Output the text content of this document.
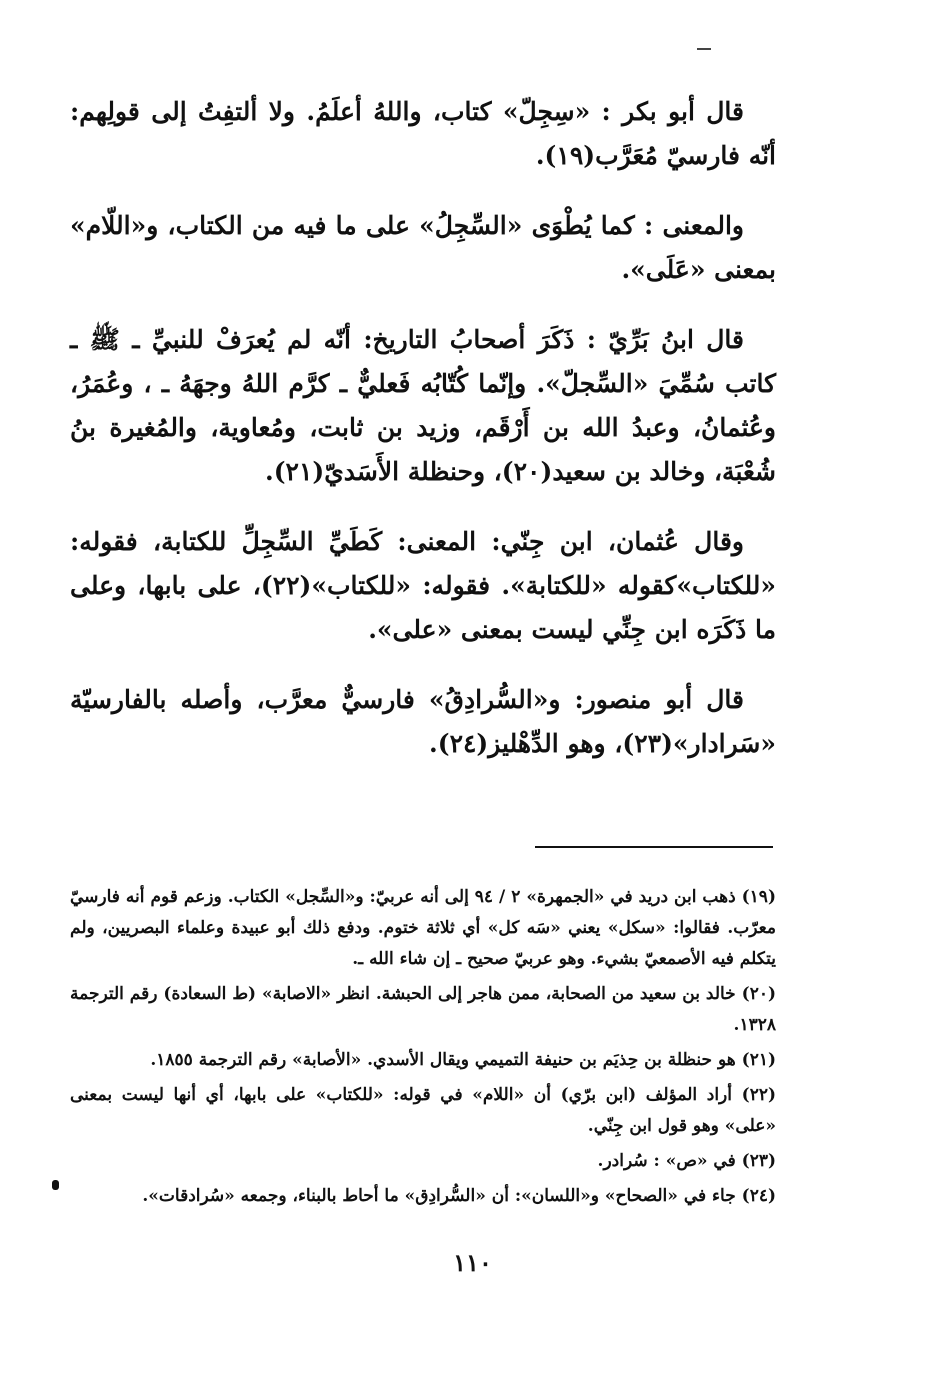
قال أبو بكر : «سِجِلّ» كتاب، واللهُ أعلَمُ. ولا ألتفِتُ إلى قولِهم: أنّه فارسيّ مُعَرَّب(١٩).

والمعنى : كما يُطْوَى «السِّجِلُ» على ما فيه من الكتاب، و«اللّام» بمعنى «عَلَى».

قال ابنُ بَرِّيّ : ذَكَرَ أصحابُ التاريخ: أنّه لم يُعرَفْ للنبيِّ ـ ﷺ ـ كاتب سُمِّيَ «السِّجلّ». وإنّما كُتّابُه فَعليٌّ ـ كرَّم اللهُ وجهَهُ ـ ، وعُمَرُ، وعُثمانُ، وعبدُ الله بن أَرْقَم، وزيد بن ثابت، ومُعاوية، والمُغيرة بنُ شُعْبَة، وخالد بن سعيد(٢٠)، وحنظلة الأَسَديّ(٢١).

وقال عُثمان، ابن جِنّي: المعنى: كَطَيِّ السِّجِلِّ للكتابة، فقوله: «للكتاب»كقوله «للكتابة». فقوله: «للكتاب»(٢٢)، على بابها، وعلى ما ذَكَرَه ابن جِنِّي ليست بمعنى «على».

قال أبو منصور: و«السُّرادِقُ» فارسيٌّ معرَّب، وأصله بالفارسيّة «سَرادار»(٢٣)، وهو الدِّهْليز(٢٤).

(١٩) ذهب ابن دريد في «الجمهرة» ٢ / ٩٤ إلى أنه عربيّ: و«السِّجل» الكتاب. وزعم قوم أنه فارسيّ معرّب. فقالوا: «سكل» يعني «سَه كل» أي ثلاثة ختوم. ودفع ذلك أبو عبيدة وعلماء البصريين، ولم يتكلم فيه الأصمعيّ بشيء. وهو عربيّ صحيح ـ إن شاء الله ـ.

(٢٠) خالد بن سعيد من الصحابة، ممن هاجر إلى الحبشة. انظر «الاصابة» (ط السعادة) رقم الترجمة ١٣٢٨.

(٢١) هو حنظلة بن حِذيَم بن حنيفة التميمي ويقال الأسدي. «الأصابة» رقم الترجمة ١٨٥٥.

(٢٢) أراد المؤلف (ابن برّي) أن «اللام» في قوله: «للكتاب» على بابها، أي أنها ليست بمعنى «على» وهو قول ابن جِنّي.

(٢٣) في «ص» : سُرادر.

(٢٤) جاء في «الصحاح» و«اللسان»: أن «السُّرادِق» ما أحاط بالبناء، وجمعه «سُرادقات».

١١٠
